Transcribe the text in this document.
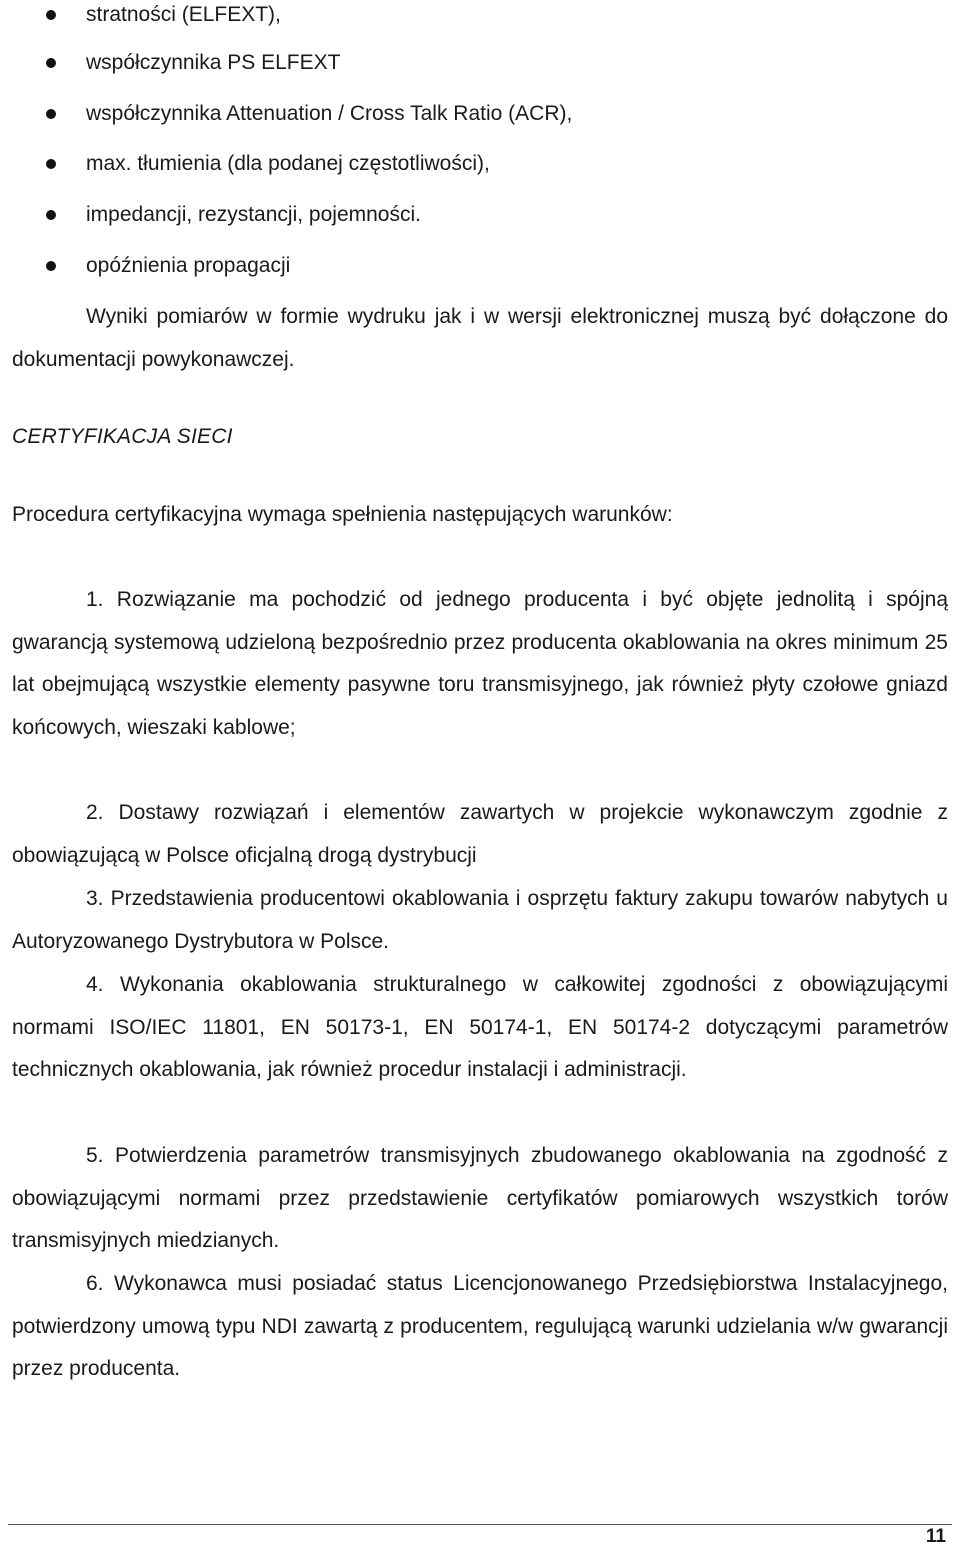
stratności (ELFEXT),
współczynnika PS ELFEXT
współczynnika Attenuation / Cross Talk Ratio (ACR),
max. tłumienia (dla podanej częstotliwości),
impedancji, rezystancji, pojemności.
opóźnienia propagacji

Wyniki pomiarów w formie wydruku jak i w wersji elektronicznej muszą być dołączone do dokumentacji powykonawczej.

CERTYFIKACJA SIECI

Procedura certyfikacyjna wymaga spełnienia następujących warunków:

1. Rozwiązanie ma pochodzić od jednego producenta i być objęte jednolitą i spójną gwarancją systemową udzieloną bezpośrednio przez producenta okablowania na okres minimum 25 lat obejmującą wszystkie elementy pasywne toru transmisyjnego, jak również płyty czołowe gniazd końcowych, wieszaki kablowe;

2. Dostawy rozwiązań i elementów zawartych w projekcie wykonawczym zgodnie z obowiązującą w Polsce oficjalną drogą dystrybucji

3. Przedstawienia producentowi okablowania i osprzętu faktury zakupu towarów nabytych u Autoryzowanego Dystrybutora w Polsce.

4. Wykonania okablowania strukturalnego w całkowitej zgodności z obowiązującymi normami ISO/IEC 11801, EN 50173-1, EN 50174-1, EN 50174-2 dotyczącymi parametrów technicznych okablowania, jak również procedur instalacji i administracji.

5. Potwierdzenia parametrów transmisyjnych zbudowanego okablowania na zgodność z obowiązującymi normami przez przedstawienie certyfikatów pomiarowych wszystkich torów transmisyjnych miedzianych.

6. Wykonawca musi posiadać status Licencjonowanego Przedsiębiorstwa Instalacyjnego, potwierdzony umową typu NDI zawartą z producentem, regulującą warunki udzielania w/w gwarancji przez producenta.

11
